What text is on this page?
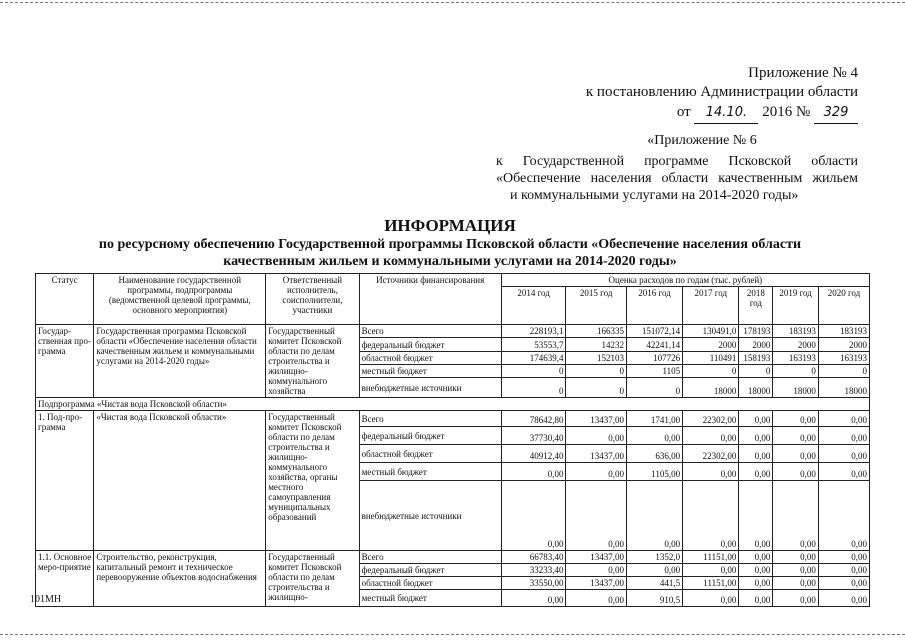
Приложение № 4
к постановлению Администрации области
от 14.10. 2016 № 329
«Приложение № 6
к Государственной программе Псковской области
«Обеспечение населения области качественным жильем
и коммунальными услугами на 2014-2020 годы»
ИНФОРМАЦИЯ
по ресурсному обеспечению Государственной программы Псковской области «Обеспечение населения области
качественным жильем и коммунальными услугами на 2014-2020 годы»
Статус	Наименование государственной программы, подпрограммы (ведомственной целевой программы, основного мероприятия)	Ответственный исполнитель, соисполнители, участники	Источники финансирования	Оценка расходов по годам (тыс. рублей)						
				2014 год	2015 год	2016 год	2017 год	2018 год	2019 год	2020 год
Государ-ственная про-грамма	Государственная программа Псковской области «Обеспечение населения области качественным жильем и коммунальными услугами на 2014-2020 годы»	Государственный комитет Псковской области по делам строительства и жилищно-коммунального хозяйства	Всего	228193,1	166335	151072,14	130491,0	178193	183193	183193
			федеральный бюджет	53553,7	14232	42241,14	2000	2000	2000	2000
			областной бюджет	174639,4	152103	107726	110491	158193	163193	163193
			местный бюджет	0	0	1105	0	0	0	0
			внебюджетные источники	0	0	0	18000	18000	18000	18000
Подпрограмма «Чистая вода Псковской области»										
1. Под-про-грамма	«Чистая вода Псковской области»	Государственный комитет Псковской области по делам строительства и жилищно-коммунального хозяйства, органы местного самоуправления муниципальных образований	Всего	78642,80	13437,00	1741,00	22302,00	0,00	0,00	0,00
			федеральный бюджет	37730,40	0,00	0,00	0,00	0,00	0,00	0,00
			областной бюджет	40912,40	13437,00	636,00	22302,00	0,00	0,00	0,00
			местный бюджет	0,00	0,00	1105,00	0,00	0,00	0,00	0,00
			внебюджетные источники	0,00	0,00	0,00	0,00	0,00	0,00	0,00
1.1. Основное меро-приятие	Строительство, реконструкция, капитальный ремонт и техническое перевооружение объектов водоснабжения	Государственный комитет Псковской области по делам строительства и жилищно-	Всего	66783,40	13437,00	1352,0	11151,00	0,00	0,00	0,00
			федеральный бюджет	33233,40	0,00	0,00	0,00	0,00	0,00	0,00
			областной бюджет	33550,00	13437,00	441,5	11151,00	0,00	0,00	0,00
			местный бюджет	0,00	0,00	910,5	0,00	0,00	0,00	0,00
101МН
